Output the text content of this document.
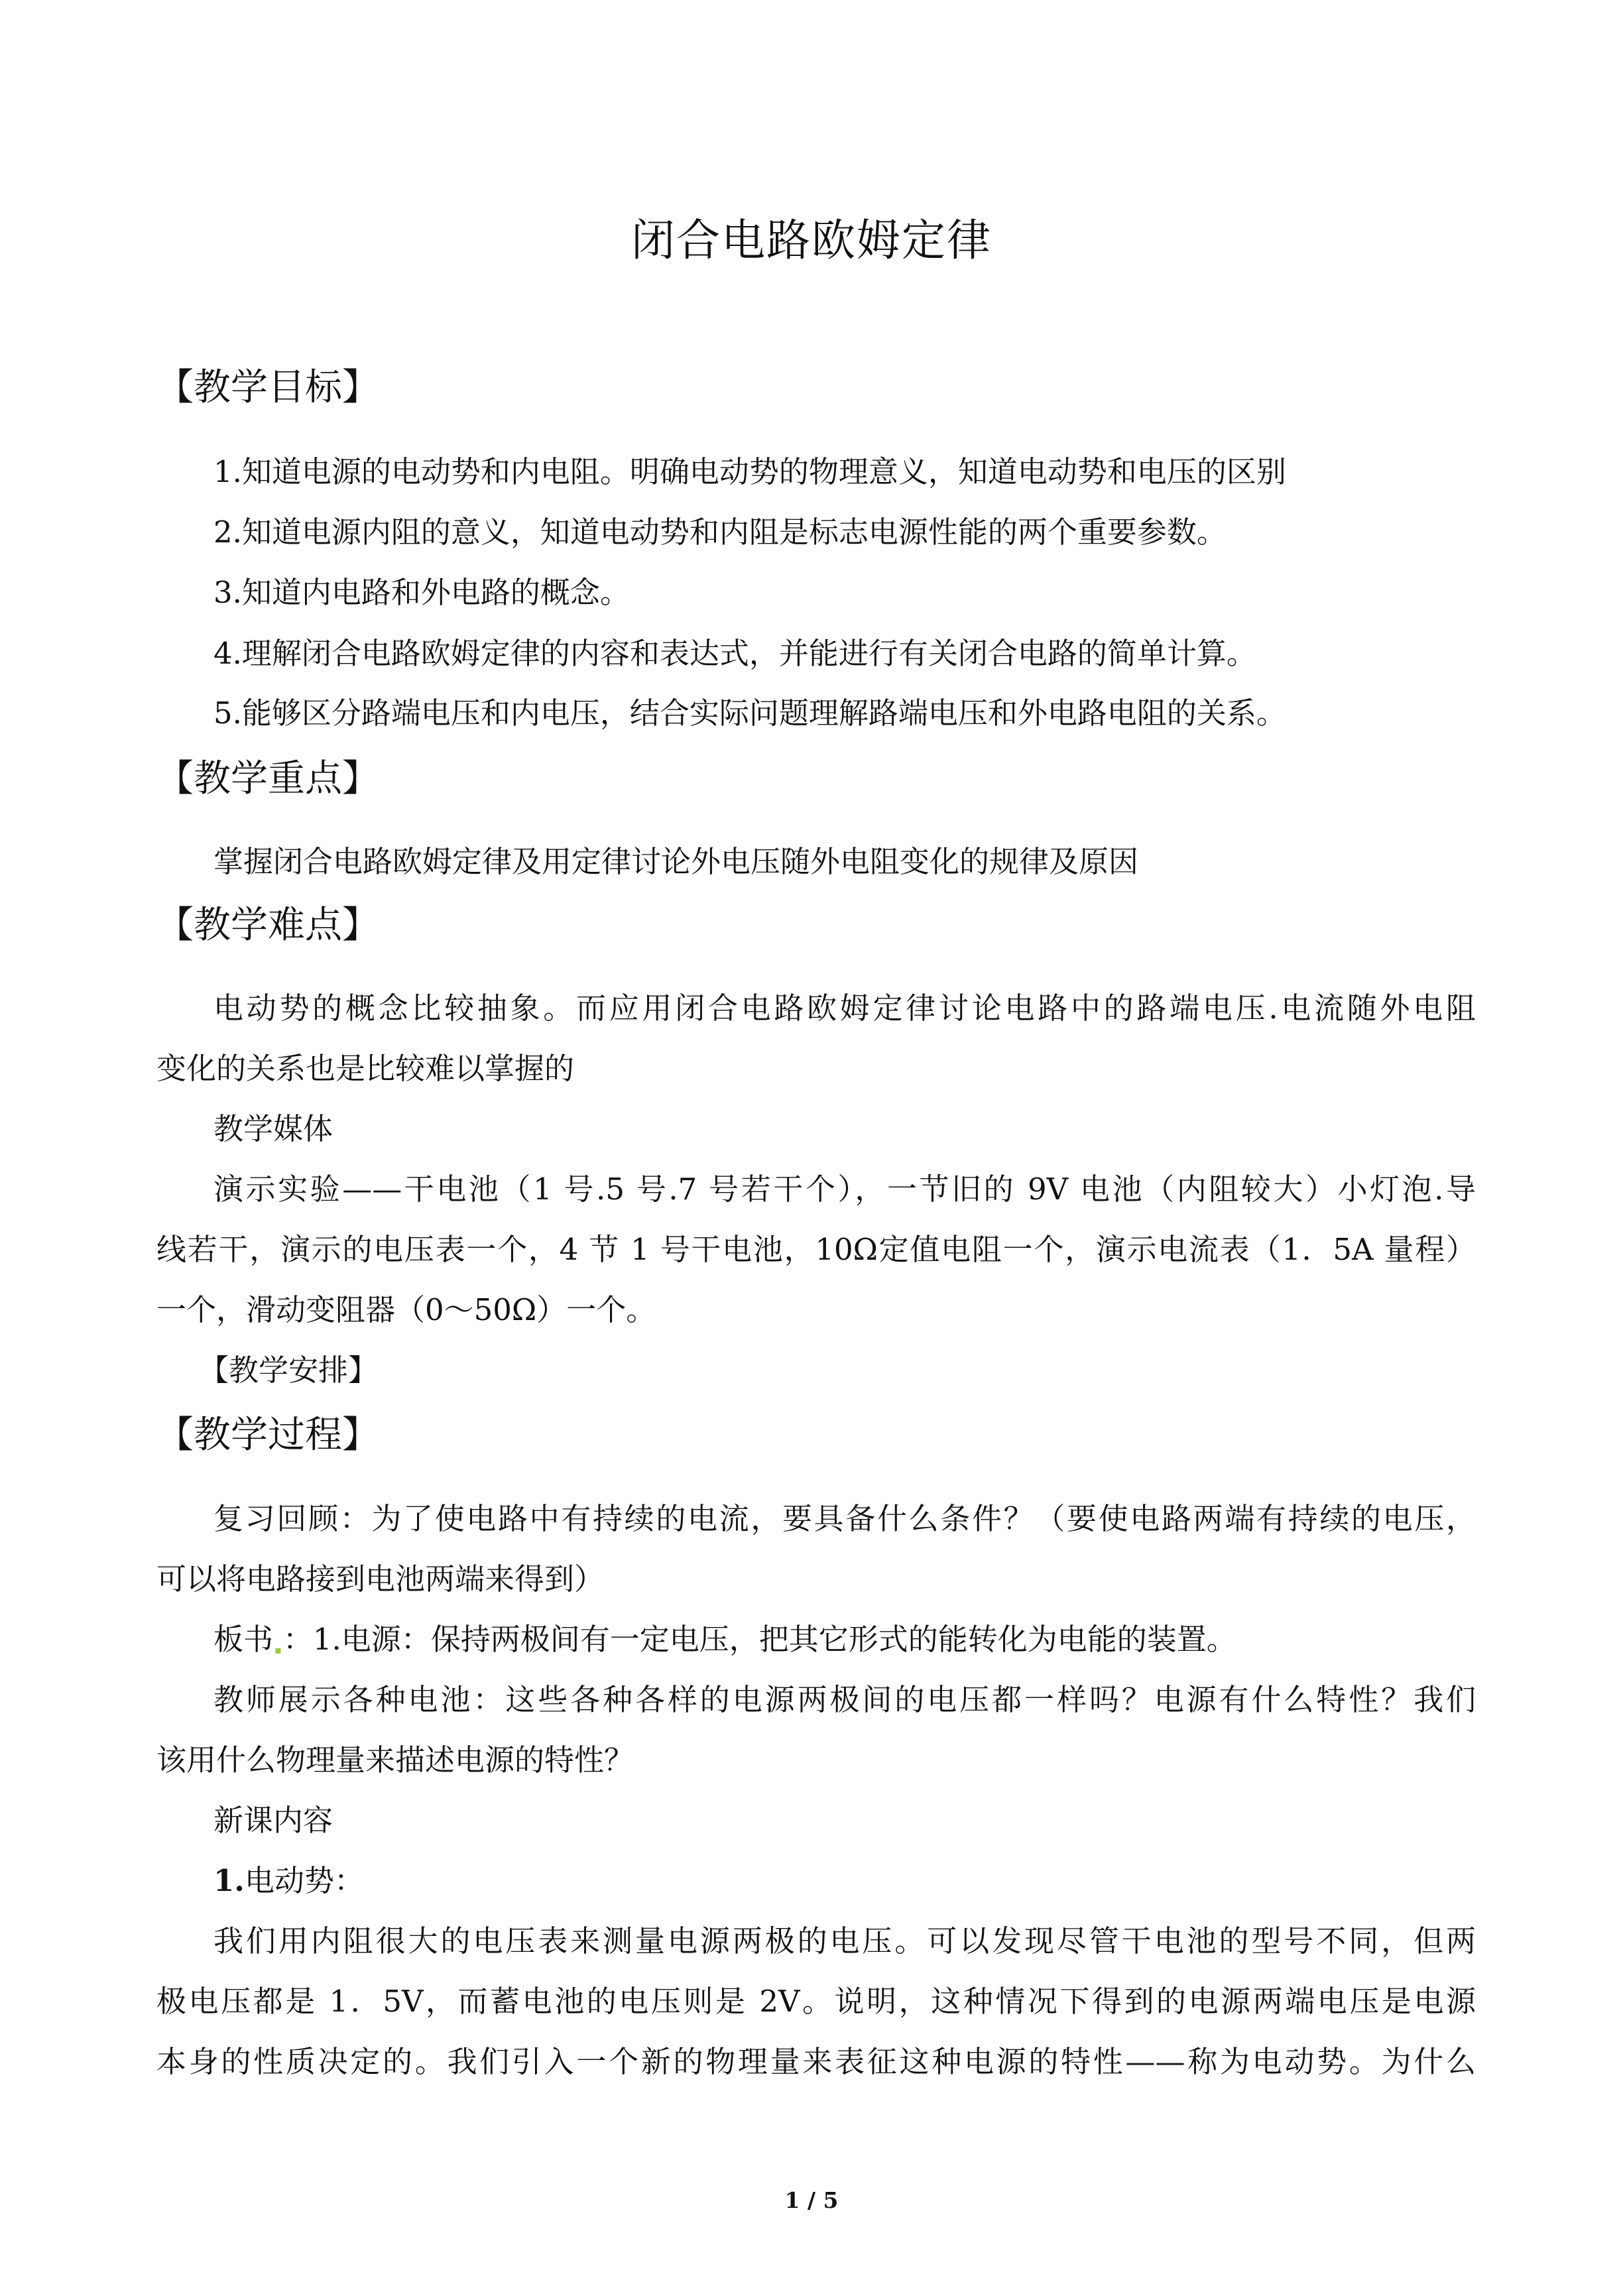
闭合电路欧姆定律
【教学目标】
1.知道电源的电动势和内电阻。明确电动势的物理意义，知道电动势和电压的区别
2.知道电源内阻的意义，知道电动势和内阻是标志电源性能的两个重要参数。
3.知道内电路和外电路的概念。
4.理解闭合电路欧姆定律的内容和表达式，并能进行有关闭合电路的简单计算。
5.能够区分路端电压和内电压，结合实际问题理解路端电压和外电路电阻的关系。
【教学重点】
掌握闭合电路欧姆定律及用定律讨论外电压随外电阻变化的规律及原因
【教学难点】
电动势的概念比较抽象。而应用闭合电路欧姆定律讨论电路中的路端电压.电流随外电阻
变化的关系也是比较难以掌握的
教学媒体
演示实验——干电池（1 号.5 号.7 号若干个），一节旧的 9V 电池（内阻较大）小灯泡.导
线若干，演示的电压表一个，4 节 1 号干电池，10Ω定值电阻一个，演示电流表（1．5A 量程）
一个，滑动变阻器（0～50Ω）一个。
【教学安排】
【教学过程】
复习回顾：为了使电路中有持续的电流，要具备什么条件？（要使电路两端有持续的电压，
可以将电路接到电池两端来得到）
板书 ▪：1.电源：保持两极间有一定电压，把其它形式的能转化为电能的装置。
教师展示各种电池：这些各种各样的电源两极间的电压都一样吗？电源有什么特性？我们
该用什么物理量来描述电源的特性？
新课内容
1.电动势：
我们用内阻很大的电压表来测量电源两极的电压。可以发现尽管干电池的型号不同，但两
极电压都是 1．5V，而蓄电池的电压则是 2V。说明，这种情况下得到的电源两端电压是电源
本身的性质决定的。我们引入一个新的物理量来表征这种电源的特性——称为电动势。为什么
1 / 5
